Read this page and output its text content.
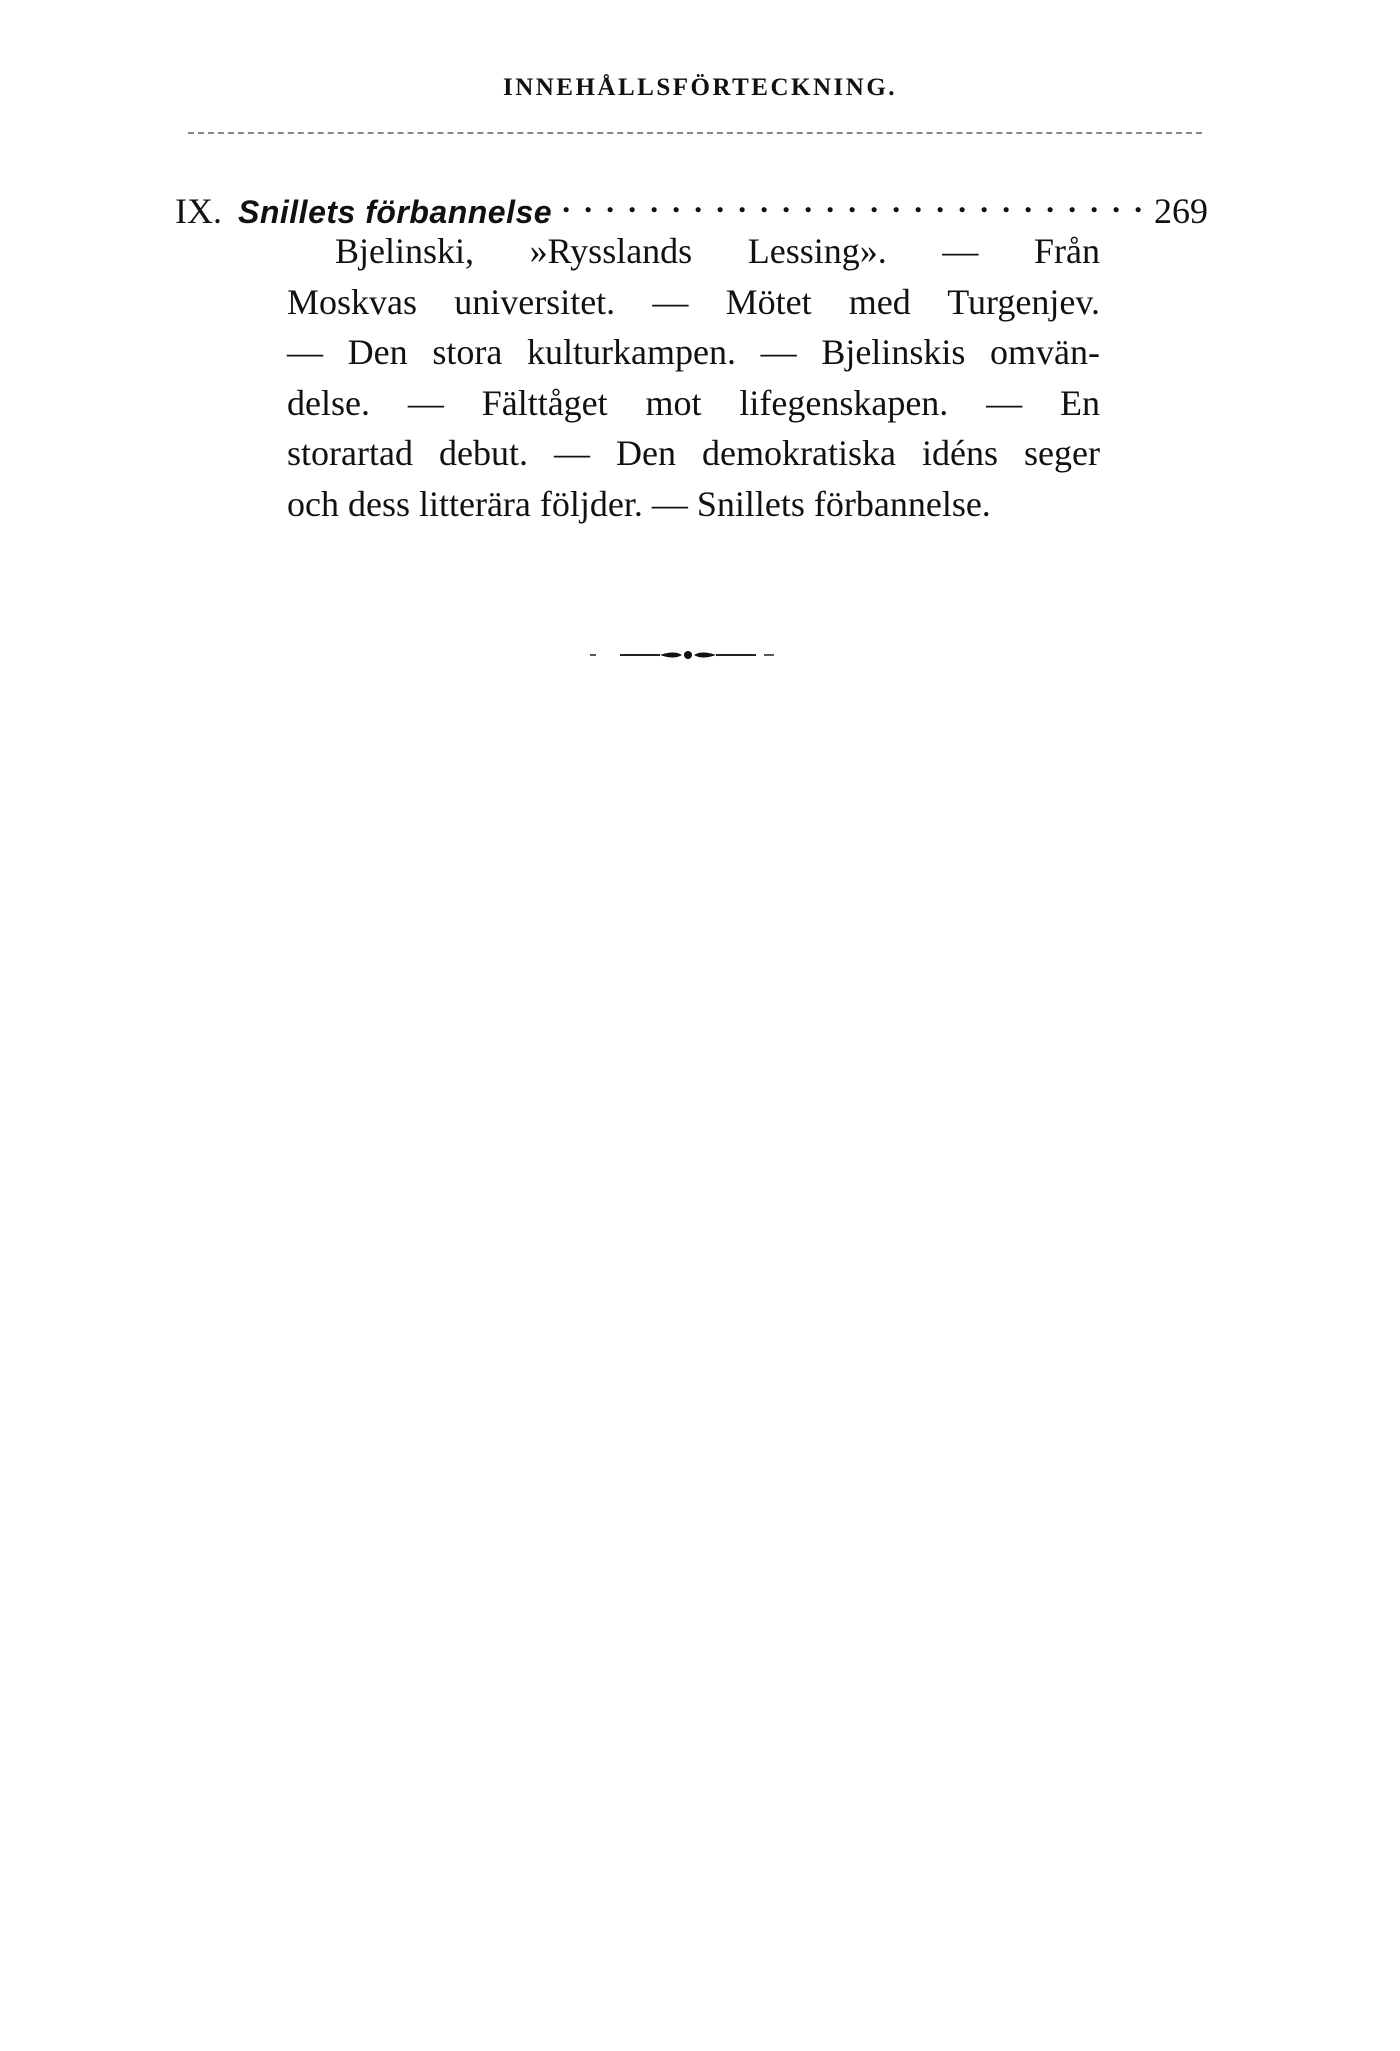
INNEHÅLLSFÖRTECKNING.
IX. Snillets förbannelse
. . .	269
Bjelinski, »Rysslands Lessing». — Från
Moskvas universitet. — Mötet med Turgenjev.
— Den stora kulturkampen. — Bjelinskis omvän-
delse. — Fälttåget mot lifegenskapen. — En
storartad debut. — Den demokratiska idéns seger
och dess litterära följder. — Snillets förbannelse.
